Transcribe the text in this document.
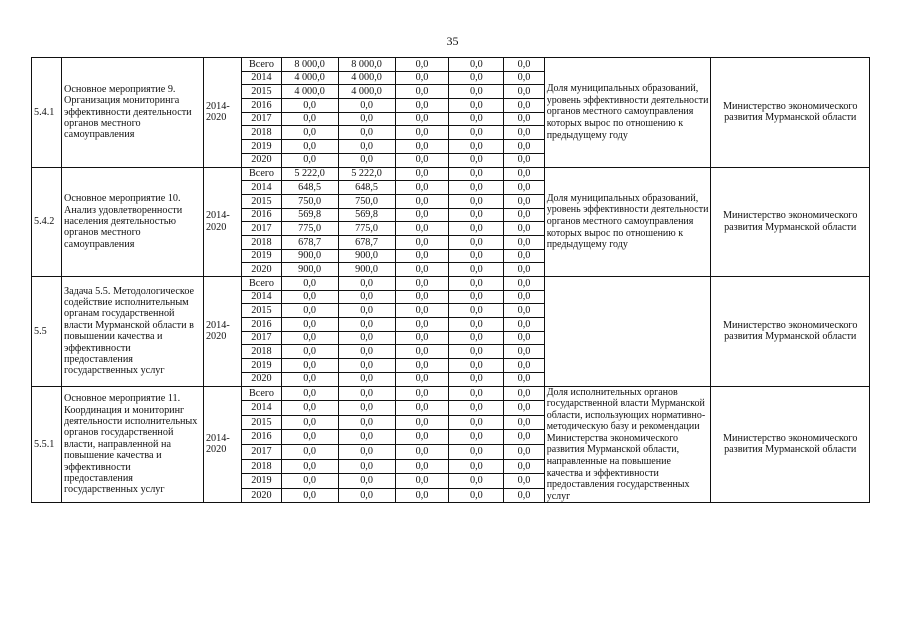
35
5.4.1	Основное мероприятие 9. Организация мониторинга эффективности деятельности органов местного самоуправления	2014-2020	Всего	8 000,0	8 000,0	0,0	0,0	0,0	Доля муниципальных образований, уровень эффективности деятельности органов местного самоуправления которых вырос по отношению к предыдущему году	Министерство экономического развития Мурманской области
			2014	4 000,0	4 000,0	0,0	0,0	0,0		
			2015	4 000,0	4 000,0	0,0	0,0	0,0		
			2016	0,0	0,0	0,0	0,0	0,0		
			2017	0,0	0,0	0,0	0,0	0,0		
			2018	0,0	0,0	0,0	0,0	0,0		
			2019	0,0	0,0	0,0	0,0	0,0		
			2020	0,0	0,0	0,0	0,0	0,0		
5.4.2	Основное мероприятие 10. Анализ удовлетворенности населения деятельностью органов местного самоуправления	2014-2020	Всего	5 222,0	5 222,0	0,0	0,0	0,0	Доля муниципальных образований, уровень эффективности деятельности органов местного самоуправления которых вырос по отношению к предыдущему году	Министерство экономического развития Мурманской области
			2014	648,5	648,5	0,0	0,0	0,0		
			2015	750,0	750,0	0,0	0,0	0,0		
			2016	569,8	569,8	0,0	0,0	0,0		
			2017	775,0	775,0	0,0	0,0	0,0		
			2018	678,7	678,7	0,0	0,0	0,0		
			2019	900,0	900,0	0,0	0,0	0,0		
			2020	900,0	900,0	0,0	0,0	0,0		
5.5	Задача 5.5. Методологическое содействие исполнительным органам государственной власти Мурманской области в повышении качества и эффективности предоставления государственных услуг	2014-2020	Всего	0,0	0,0	0,0	0,0	0,0		Министерство экономического развития Мурманской области
			2014	0,0	0,0	0,0	0,0	0,0		
			2015	0,0	0,0	0,0	0,0	0,0		
			2016	0,0	0,0	0,0	0,0	0,0		
			2017	0,0	0,0	0,0	0,0	0,0		
			2018	0,0	0,0	0,0	0,0	0,0		
			2019	0,0	0,0	0,0	0,0	0,0		
			2020	0,0	0,0	0,0	0,0	0,0		
5.5.1	Основное мероприятие 11. Координация и мониторинг деятельности исполнительных органов государственной власти, направленной на повышение качества и эффективности предоставления государственных услуг	2014-2020	Всего	0,0	0,0	0,0	0,0	0,0	Доля исполнительных органов государственной власти Мурманской области, использующих нормативно-методическую базу и рекомендации Министерства экономического развития Мурманской области, направленные на повышение качества и эффективности предоставления государственных услуг	Министерство экономического развития Мурманской области
			2014	0,0	0,0	0,0	0,0	0,0		
			2015	0,0	0,0	0,0	0,0	0,0		
			2016	0,0	0,0	0,0	0,0	0,0		
			2017	0,0	0,0	0,0	0,0	0,0		
			2018	0,0	0,0	0,0	0,0	0,0		
			2019	0,0	0,0	0,0	0,0	0,0		
			2020	0,0	0,0	0,0	0,0	0,0		
